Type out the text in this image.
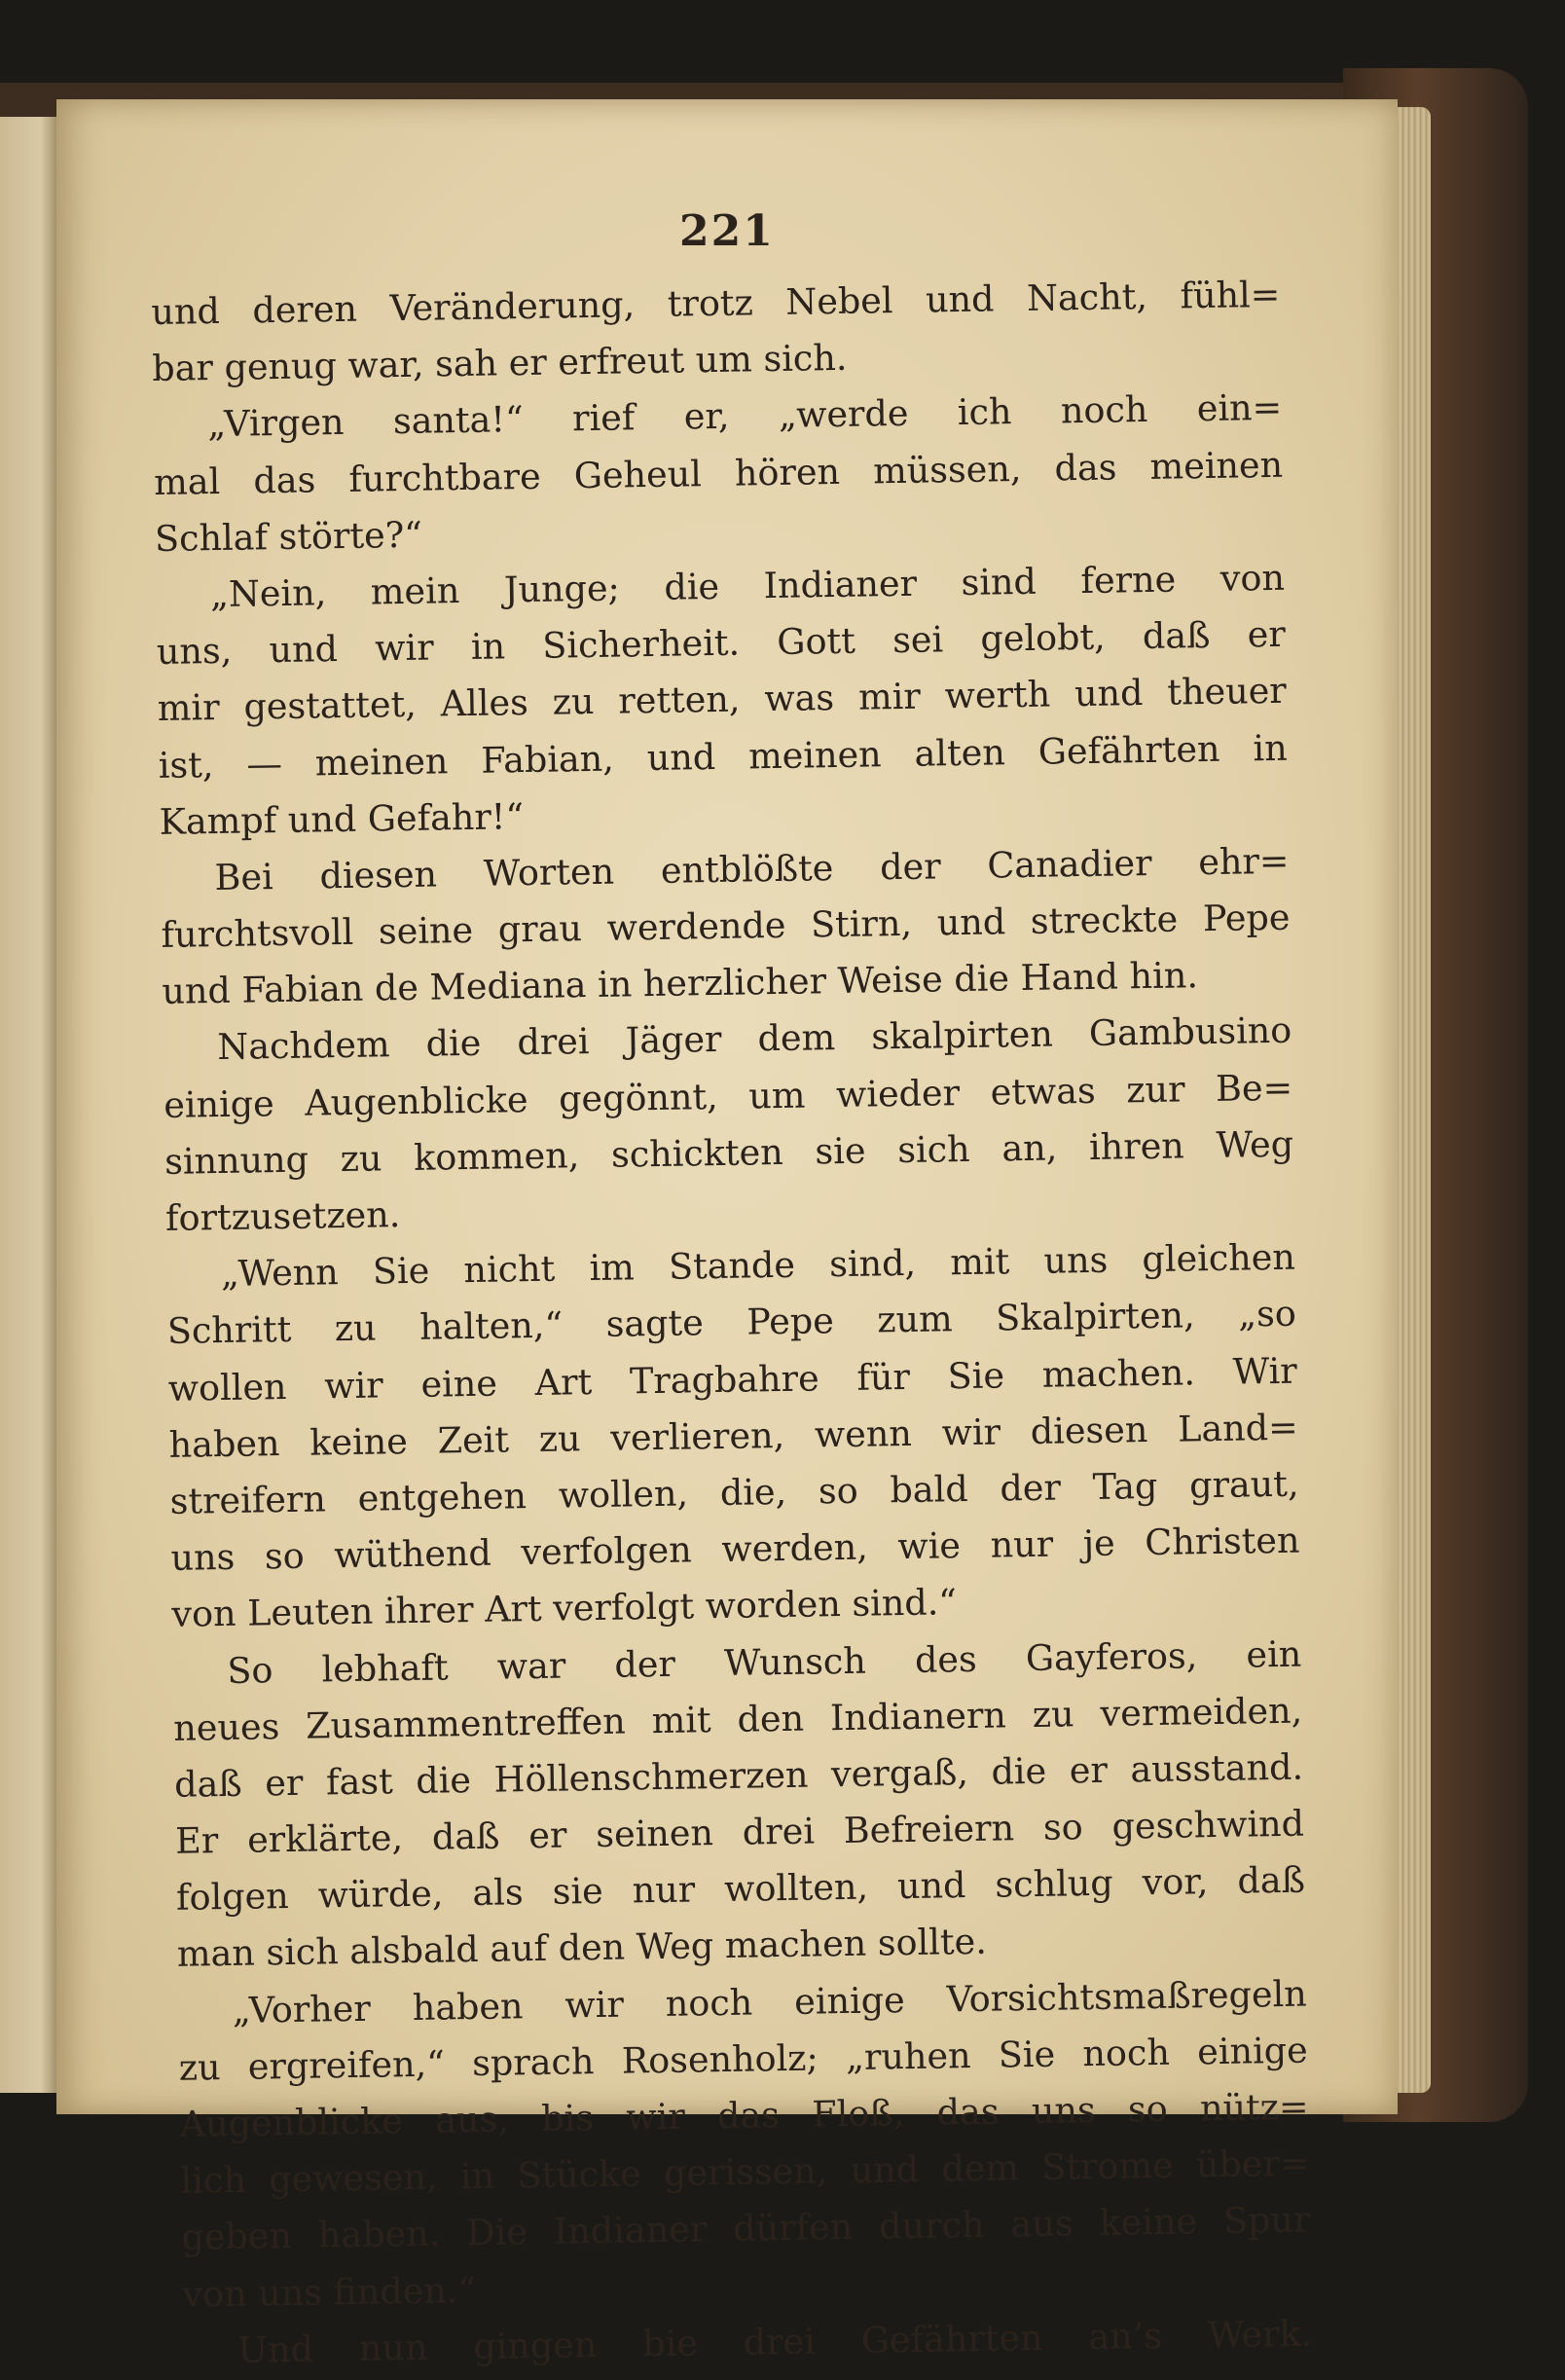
221
und deren Veränderung, trotz Nebel und Nacht, fühl=
bar genug war, sah er erfreut um sich.
„Virgen santa!“ rief er, „werde ich noch ein=
mal das furchtbare Geheul hören müssen, das meinen
Schlaf störte?“
„Nein, mein Junge; die Indianer sind ferne von
uns, und wir in Sicherheit. Gott sei gelobt, daß er
mir gestattet, Alles zu retten, was mir werth und theuer
ist, — meinen Fabian, und meinen alten Gefährten in
Kampf und Gefahr!“
Bei diesen Worten entblößte der Canadier ehr=
furchtsvoll seine grau werdende Stirn, und streckte Pepe
und Fabian de Mediana in herzlicher Weise die Hand hin.
Nachdem die drei Jäger dem skalpirten Gambusino
einige Augenblicke gegönnt, um wieder etwas zur Be=
sinnung zu kommen, schickten sie sich an, ihren Weg
fortzusetzen.
„Wenn Sie nicht im Stande sind, mit uns gleichen
Schritt zu halten,“ sagte Pepe zum Skalpirten, „so
wollen wir eine Art Tragbahre für Sie machen. Wir
haben keine Zeit zu verlieren, wenn wir diesen Land=
streifern entgehen wollen, die, so bald der Tag graut,
uns so wüthend verfolgen werden, wie nur je Christen
von Leuten ihrer Art verfolgt worden sind.“
So lebhaft war der Wunsch des Gayferos, ein
neues Zusammentreffen mit den Indianern zu vermeiden,
daß er fast die Höllenschmerzen vergaß, die er ausstand.
Er erklärte, daß er seinen drei Befreiern so geschwind
folgen würde, als sie nur wollten, und schlug vor, daß
man sich alsbald auf den Weg machen sollte.
„Vorher haben wir noch einige Vorsichtsmaßregeln
zu ergreifen,“ sprach Rosenholz; „ruhen Sie noch einige
Augenblicke aus, bis wir das Floß, das uns so nütz=
lich gewesen, in Stücke gerissen, und dem Strome über=
geben haben. Die Indianer dürfen durch aus keine Spur
von uns finden.“
Und nun gingen bie drei Gefährten an’s Werk.
